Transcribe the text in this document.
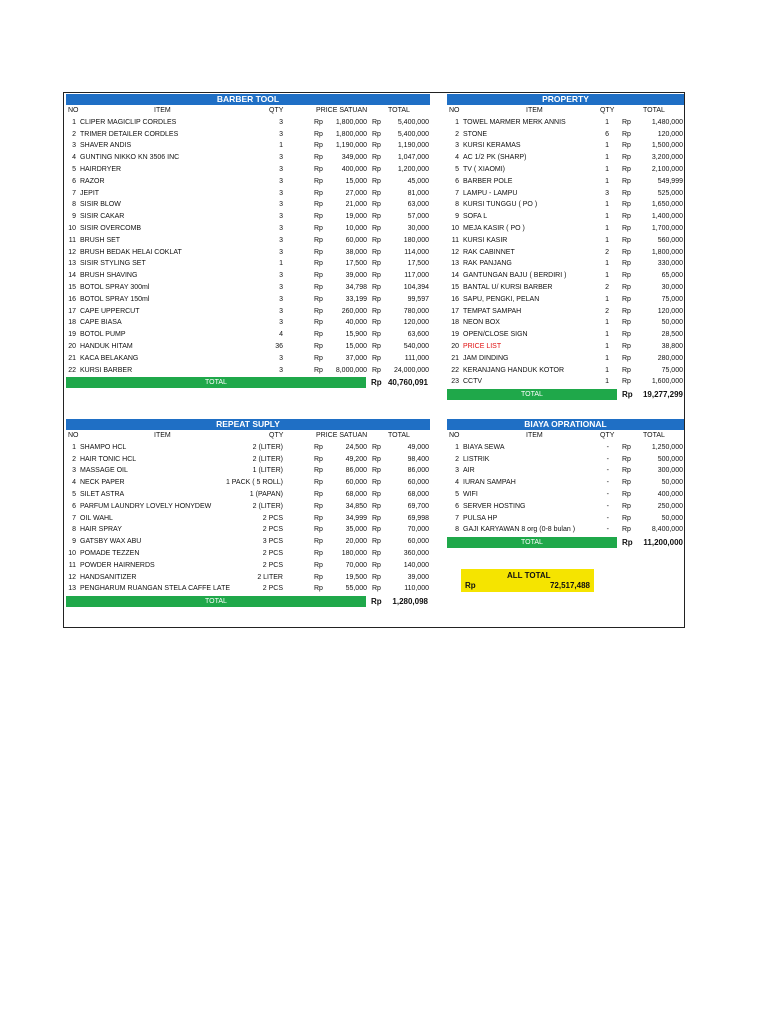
BARBER TOOL
NO	ITEM	QTY	PRICE SATUAN	TOTAL
1 CLIPER MAGICLIP CORDLES	3	Rp 1,800,000 Rp 5,400,000
2 TRIMER DETAILER CORDLES	3	Rp 1,800,000 Rp 5,400,000
3 SHAVER ANDIS	1	Rp 1,190,000 Rp 1,190,000
4 GUNTING NIKKO KN 3506 INC	3	Rp	349,000 Rp 1,047,000
5 HAIRDRYER	3	Rp	400,000 Rp 1,200,000
6 RAZOR	3	Rp	15,000 Rp	45,000
7 JEPIT	3	Rp	27,000 Rp	81,000
8 SISIR BLOW	3	Rp	21,000 Rp	63,000
9 SISIR CAKAR	3	Rp	19,000 Rp	57,000
10 SISIR OVERCOMB	3	Rp	10,000 Rp	30,000
11 BRUSH SET	3	Rp	60,000 Rp	180,000
12 BRUSH BEDAK HELAI COKLAT	3	Rp	38,000 Rp	114,000
13 SISIR STYLING SET	1	Rp	17,500 Rp	17,500
14 BRUSH SHAVING	3	Rp	39,000 Rp	117,000
15 BOTOL SPRAY 300ml	3	Rp	34,798 Rp	104,394
16 BOTOL SPRAY 150ml	3	Rp	33,199 Rp	99,597
17 CAPE UPPERCUT	3	Rp	260,000 Rp	780,000
18 CAPE BIASA	3	Rp	40,000 Rp	120,000
19 BOTOL PUMP	4	Rp	15,900 Rp	63,600
20 HANDUK HITAM	36	Rp	15,000 Rp	540,000
21 KACA BELAKANG	3	Rp	37,000 Rp	111,000
22 KURSI BARBER	3	Rp 8,000,000 Rp 24,000,000
TOTAL	Rp 40,760,091
PROPERTY
NO	ITEM	QTY	TOTAL
1 TOWEL MARMER MERK ANNIS	1 Rp	1,480,000
2 STONE	6 Rp	120,000
3 KURSI KERAMAS	1 Rp	1,500,000
4 AC 1/2 PK (SHARP)	1 Rp	3,200,000
5 TV ( XIAOMI)	1 Rp	2,100,000
6 BARBER POLE	1 Rp	549,999
7 LAMPU - LAMPU	3 Rp	525,000
8 KURSI TUNGGU ( PO )	1 Rp	1,650,000
9 SOFA L	1 Rp	1,400,000
10 MEJA KASIR ( PO )	1 Rp	1,700,000
11 KURSI KASIR	1 Rp	560,000
12 RAK CABINNET	2 Rp	1,800,000
13 RAK PANJANG	1 Rp	330,000
14 GANTUNGAN BAJU ( BERDIRI )	1 Rp	65,000
15 BANTAL U/ KURSI BARBER	2 Rp	30,000
16 SAPU, PENGKI, PELAN	1 Rp	75,000
17 TEMPAT SAMPAH	2 Rp	120,000
18 NEON BOX	1 Rp	50,000
19 OPEN/CLOSE SIGN	1 Rp	28,500
20 PRICE LIST	1 Rp	38,800
21 JAM DINDING	1 Rp	280,000
22 KERANJANG HANDUK KOTOR	1 Rp	75,000
23 CCTV	1 Rp	1,600,000
TOTAL	Rp 19,277,299
REPEAT SUPLY
NO	ITEM	QTY	PRICE SATUAN	TOTAL
1 SHAMPO HCL	2 (LITER)	Rp	24,500 Rp	49,000
2 HAIR TONIC HCL	2 (LITER)	Rp	49,200 Rp	98,400
3 MASSAGE OIL	1 (LITER)	Rp	86,000 Rp	86,000
4 NECK PAPER	1 PACK ( 5 ROLL)	Rp	60,000 Rp	60,000
5 SILET ASTRA	1 (PAPAN)	Rp	68,000 Rp	68,000
6 PARFUM LAUNDRY LOVELY HONYDEW	2 (LITER)	Rp	34,850 Rp	69,700
7 OIL WAHL	2 PCS	Rp	34,999 Rp	69,998
8 HAIR SPRAY	2 PCS	Rp	35,000 Rp	70,000
9 GATSBY WAX ABU	3 PCS	Rp	20,000 Rp	60,000
10 POMADE TEZZEN	2 PCS	Rp	180,000 Rp	360,000
11 POWDER HAIRNERDS	2 PCS	Rp	70,000 Rp	140,000
12 HANDSANITIZER	2 LITER	Rp	19,500 Rp	39,000
13 PENGHARUM RUANGAN STELA CAFFE LATE	2 PCS	Rp	55,000 Rp	110,000
TOTAL	Rp 1,280,098
BIAYA OPRATIONAL
NO	ITEM	QTY	TOTAL
1 BIAYA SEWA	- Rp	1,250,000
2 LISTRIK	- Rp	500,000
3 AIR	- Rp	300,000
4 IURAN SAMPAH	- Rp	50,000
5 WIFI	- Rp	400,000
6 SERVER HOSTING	- Rp	250,000
7 PULSA HP	- Rp	50,000
8 GAJI KARYAWAN 8 org (0-8 bulan )	- Rp	8,400,000
TOTAL	Rp 11,200,000
ALL TOTAL
Rp	72,517,488
